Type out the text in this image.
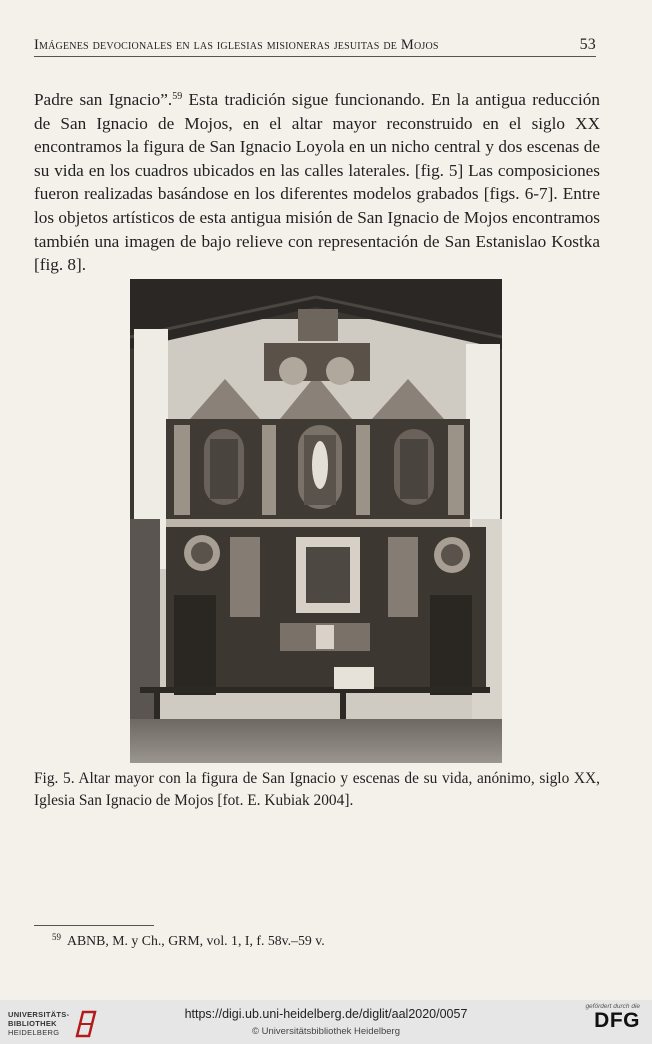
Imágenes devocionales en las iglesias misioneras jesuitas de Mojos	53
Padre san Ignacio”.$^{59}$ Esta tradición sigue funcionando. En la antigua reducción de San Ignacio de Mojos, en el altar mayor reconstruido en el siglo XX encontramos la figura de San Ignacio Loyola en un nicho central y dos escenas de su vida en los cuadros ubicados en las calles laterales. [fig. 5] Las composiciones fueron realizadas basándose en los diferentes modelos grabados [figs. 6-7]. Entre los objetos artísticos de esta antigua misión de San Ignacio de Mojos encontramos también una imagen de bajo relieve con representación de San Estanislao Kostka [fig. 8].
Fig. 5. Altar mayor con la figura de San Ignacio y escenas de su vida, anónimo, siglo XX, Iglesia San Ignacio de Mojos [fot. E. Kubiak 2004].
$^{59}$ ABNB, M. y Ch., GRM, vol. 1, I, f. 58v.–59 v.
UNIVERSITÄTS-
BIBLIOTHEK
HEIDELBERG
https://digi.ub.uni-heidelberg.de/diglit/aal2020/0057
© Universitätsbibliothek Heidelberg
gefördert durch die
DFG
